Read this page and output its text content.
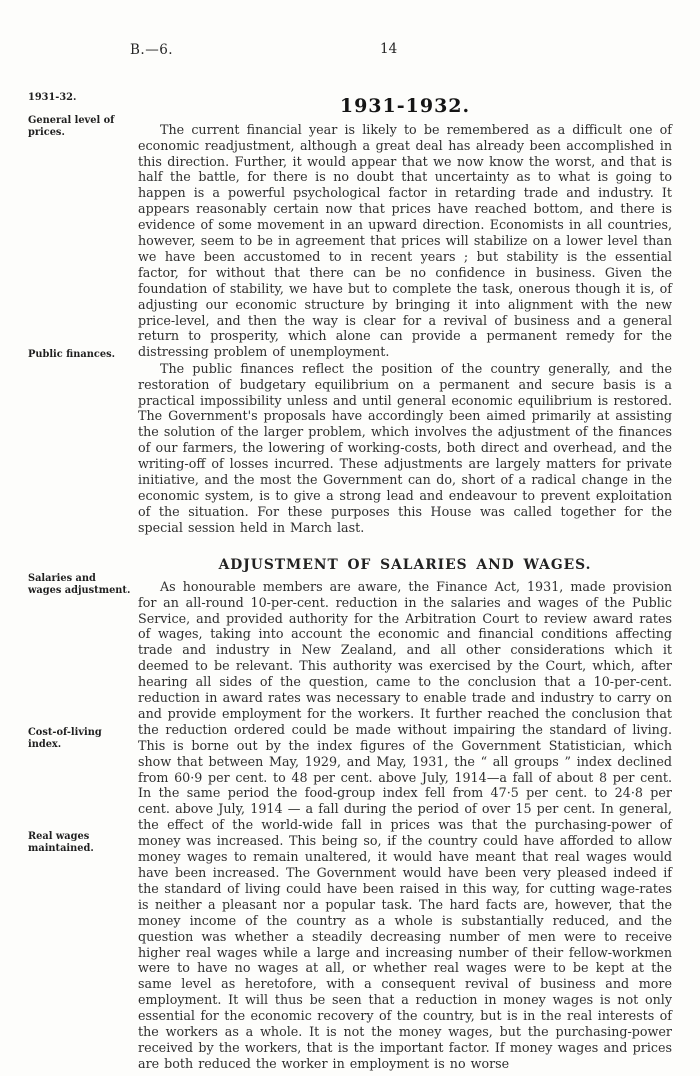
B.—6.	14
1931-32.
General level of prices.
Public finances.
Salaries and wages adjustment.
Cost-of-living index.
Real wages maintained.
1931-1932.

The current financial year is likely to be remembered as a difficult one of economic readjustment, although a great deal has already been accomplished in this direction. Further, it would appear that we now know the worst, and that is half the battle, for there is no doubt that uncertainty as to what is going to happen is a powerful psychological factor in retarding trade and industry. It appears reasonably certain now that prices have reached bottom, and there is evidence of some movement in an upward direction. Economists in all countries, however, seem to be in agreement that prices will stabilize on a lower level than we have been accustomed to in recent years ; but stability is the essential factor, for without that there can be no confidence in business. Given the foundation of stability, we have but to complete the task, onerous though it is, of adjusting our economic structure by bringing it into alignment with the new price-level, and then the way is clear for a revival of business and a general return to prosperity, which alone can provide a permanent remedy for the distressing problem of unemployment.

The public finances reflect the position of the country generally, and the restoration of budgetary equilibrium on a permanent and secure basis is a practical impossibility unless and until general economic equilibrium is restored. The Government's proposals have accordingly been aimed primarily at assisting the solution of the larger problem, which involves the adjustment of the finances of our farmers, the lowering of working-costs, both direct and overhead, and the writing-off of losses incurred. These adjustments are largely matters for private initiative, and the most the Government can do, short of a radical change in the economic system, is to give a strong lead and endeavour to prevent exploitation of the situation. For these purposes this House was called together for the special session held in March last.

ADJUSTMENT OF SALARIES AND WAGES.

As honourable members are aware, the Finance Act, 1931, made provision for an all-round 10-per-cent. reduction in the salaries and wages of the Public Service, and provided authority for the Arbitration Court to review award rates of wages, taking into account the economic and financial conditions affecting trade and industry in New Zealand, and all other considerations which it deemed to be relevant. This authority was exercised by the Court, which, after hearing all sides of the question, came to the conclusion that a 10-per-cent. reduction in award rates was necessary to enable trade and industry to carry on and provide employment for the workers. It further reached the conclusion that the reduction ordered could be made without impairing the standard of living. This is borne out by the index figures of the Government Statistician, which show that between May, 1929, and May, 1931, the “ all groups ” index declined from 60·9 per cent. to 48 per cent. above July, 1914—a fall of about 8 per cent. In the same period the food-group index fell from 47·5 per cent. to 24·8 per cent. above July, 1914 — a fall during the period of over 15 per cent. In general, the effect of the world-wide fall in prices was that the purchasing-power of money was increased. This being so, if the country could have afforded to allow money wages to remain unaltered, it would have meant that real wages would have been increased. The Government would have been very pleased indeed if the standard of living could have been raised in this way, for cutting wage-rates is neither a pleasant nor a popular task. The hard facts are, however, that the money income of the country as a whole is substantially reduced, and the question was whether a steadily decreasing number of men were to receive higher real wages while a large and increasing number of their fellow-workmen were to have no wages at all, or whether real wages were to be kept at the same level as heretofore, with a consequent revival of business and more employment. It will thus be seen that a reduction in money wages is not only essential for the economic recovery of the country, but is in the real interests of the workers as a whole. It is not the money wages, but the purchasing-power received by the workers, that is the important factor. If money wages and prices are both reduced the worker in employment is no worse
